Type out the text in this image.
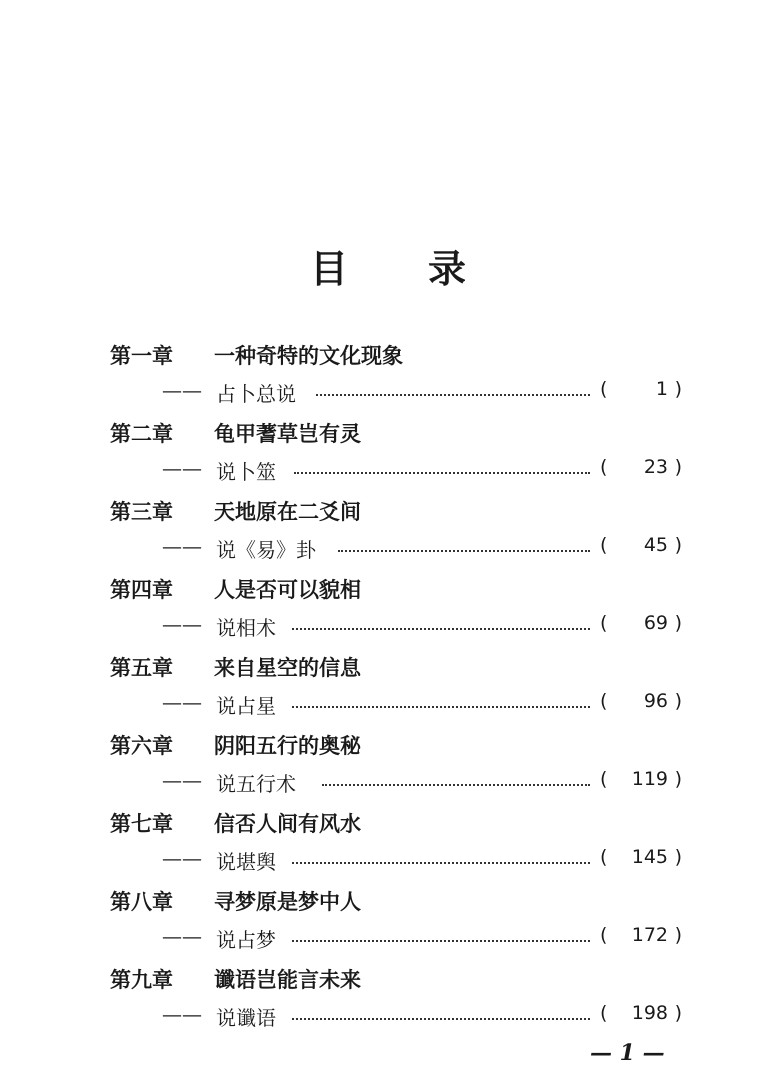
目 录
第一章 一种奇特的文化现象
—— 占卜总说	(	1 )
第二章 龟甲蓍草岂有灵
—— 说卜筮	( 23 )
第三章 天地原在二爻间
—— 说《易》卦	( 45 )
第四章 人是否可以貌相
—— 说相术	( 69 )
第五章 来自星空的信息
—— 说占星	( 96 )
第六章 阴阳五行的奥秘
—— 说五行术	( 119 )
第七章 信否人间有风水
—— 说堪舆	( 145 )
第八章 寻梦原是梦中人
—— 说占梦	( 172 )
第九章 谶语岂能言未来
—— 说谶语	( 198 )
— 1 —
